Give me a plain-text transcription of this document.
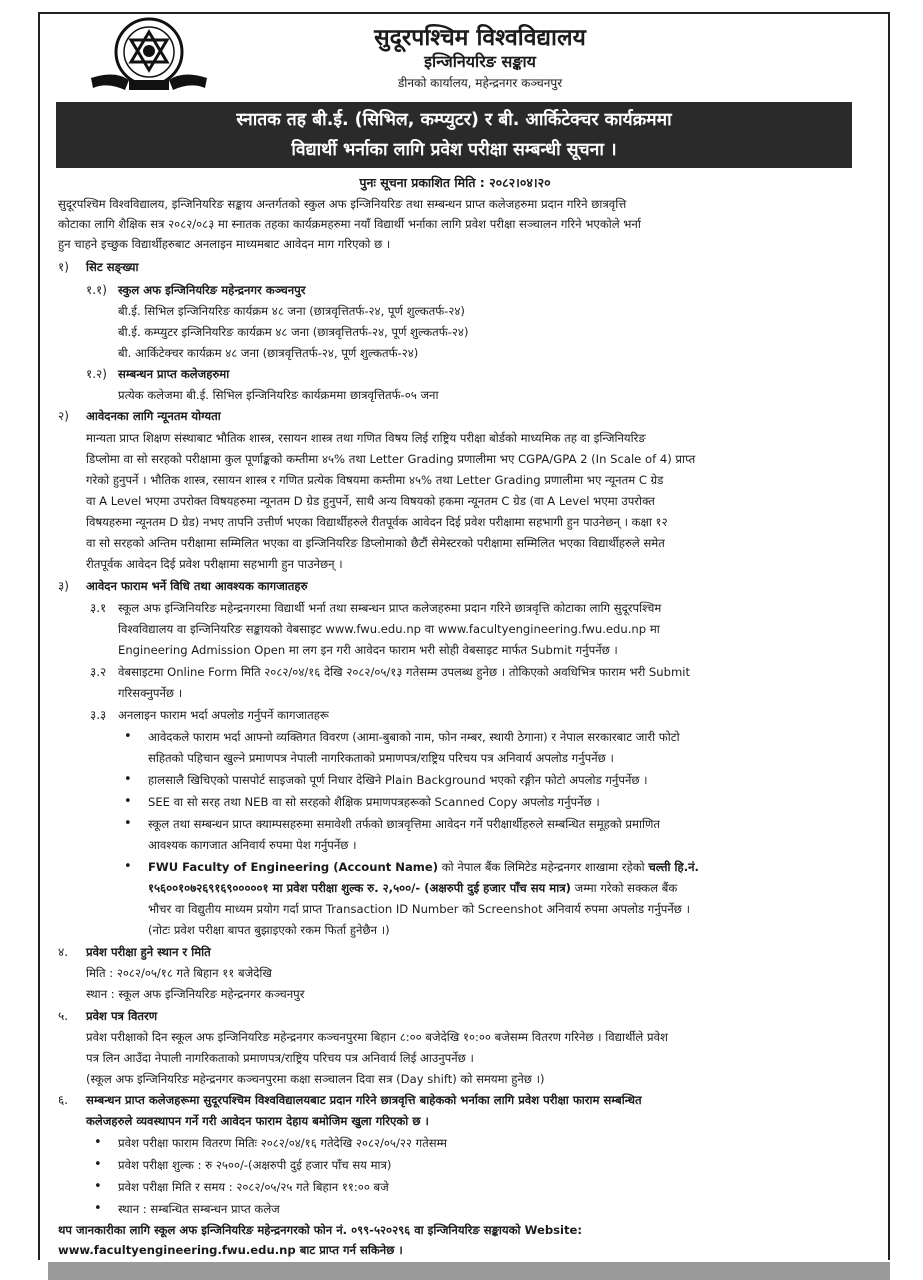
सुदूरपश्चिम विश्वविद्यालय
इन्जिनियरिङ सङ्काय
डीनको कार्यालय, महेन्द्रनगर कञ्चनपुर
स्नातक तह बी.ई. (सिभिल, कम्प्युटर) र बी. आर्किटेक्चर कार्यक्रममा
विद्यार्थी भर्नाका लागि प्रवेश परीक्षा सम्बन्धी सूचना ।
पुनः सूचना प्रकाशित मिति : २०८२।०४।२०
सुदूरपश्चिम विश्वविद्यालय, इन्जिनियरिङ सङ्काय अन्तर्गतको स्कुल अफ इन्जिनियरिङ तथा सम्बन्धन प्राप्त कलेजहरुमा प्रदान गरिने छात्रवृत्ति
कोटाका लागि शैक्षिक सत्र २०८२/०८३ मा स्नातक तहका कार्यक्रमहरुमा नयाँ विद्यार्थी भर्नाका लागि प्रवेश परीक्षा सञ्चालन गरिने भएकोले भर्ना
हुन चाहने इच्छुक विद्यार्थीहरुबाट अनलाइन माध्यमबाट आवेदन माग गरिएको छ ।
१) सिट सङ्ख्या
१.१) स्कुल अफ इन्जिनियरिङ महेन्द्रनगर कञ्चनपुर
बी.ई. सिभिल इन्जिनियरिङ कार्यक्रम ४८ जना (छात्रवृत्तितर्फ-२४, पूर्ण शुल्कतर्फ-२४)
बी.ई. कम्प्युटर इन्जिनियरिङ कार्यक्रम ४८ जना (छात्रवृत्तितर्फ-२४, पूर्ण शुल्कतर्फ-२४)
बी. आर्किटेक्चर कार्यक्रम ४८ जना (छात्रवृत्तितर्फ-२४, पूर्ण शुल्कतर्फ-२४)
१.२) सम्बन्धन प्राप्त कलेजहरुमा
प्रत्येक कलेजमा बी.ई. सिभिल इन्जिनियरिङ कार्यक्रममा छात्रवृत्तितर्फ-०५ जना
२) आवेदनका लागि न्यूनतम योग्यता
मान्यता प्राप्त शिक्षण संस्थाबाट भौतिक शास्त्र, रसायन शास्त्र तथा गणित विषय लिई राष्ट्रिय परीक्षा बोर्डको माध्यमिक तह वा इन्जिनियरिङ
डिप्लोमा वा सो सरहको परीक्षामा कुल पूर्णाङ्कको कम्तीमा ४५% तथा Letter Grading प्रणालीमा भए CGPA/GPA 2 (In Scale of 4) प्राप्त
गरेको हुनुपर्ने । भौतिक शास्त्र, रसायन शास्त्र र गणित प्रत्येक विषयमा कम्तीमा ४५% तथा Letter Grading प्रणालीमा भए न्यूनतम C ग्रेड
वा A Level भएमा उपरोक्त विषयहरुमा न्यूनतम D ग्रेड हुनुपर्ने, साथै अन्य विषयको हकमा न्यूनतम C ग्रेड (वा A Level भएमा उपरोक्त
विषयहरुमा न्यूनतम D ग्रेड) नभए तापनि उत्तीर्ण भएका विद्यार्थीहरुले रीतपूर्वक आवेदन दिई प्रवेश परीक्षामा सहभागी हुन पाउनेछन् । कक्षा १२
वा सो सरहको अन्तिम परीक्षामा सम्मिलित भएका वा इन्जिनियरिङ डिप्लोमाको छैटौं सेमेस्टरको परीक्षामा सम्मिलित भएका विद्यार्थीहरुले समेत
रीतपूर्वक आवेदन दिई प्रवेश परीक्षामा सहभागी हुन पाउनेछन् ।
३) आवेदन फाराम भर्ने विधि तथा आवश्यक कागजातहरु
३.१ स्कूल अफ इन्जिनियरिङ महेन्द्रनगरमा विद्यार्थी भर्ना तथा सम्बन्धन प्राप्त कलेजहरुमा प्रदान गरिने छात्रवृत्ति कोटाका लागि सुदूरपश्चिम
विश्वविद्यालय वा इन्जिनियरिङ सङ्कायको वेबसाइट www.fwu.edu.np वा www.facultyengineering.fwu.edu.np मा
Engineering Admission Open मा लग इन गरी आवेदन फाराम भरी सोही वेबसाइट मार्फत Submit गर्नुपर्नेछ ।
३.२ वेबसाइटमा Online Form मिति २०८२/०४/१६ देखि २०८२/०५/१३ गतेसम्म उपलब्ध हुनेछ । तोकिएको अवधिभित्र फाराम भरी Submit
गरिसक्नुपर्नेछ ।
३.३ अनलाइन फाराम भर्दा अपलोड गर्नुपर्ने कागजातहरू
• आवेदकले फाराम भर्दा आफ्नो व्यक्तिगत विवरण (आमा-बुबाको नाम, फोन नम्बर, स्थायी ठेगाना) र नेपाल सरकारबाट जारी फोटो
सहितको पहिचान खुल्ने प्रमाणपत्र नेपाली नागरिकताको प्रमाणपत्र/राष्ट्रिय परिचय पत्र अनिवार्य अपलोड गर्नुपर्नेछ ।
• हालसालै खिचिएको पासपोर्ट साइजको पूर्ण निधार देखिने Plain Background भएको रङ्गीन फोटो अपलोड गर्नुपर्नेछ ।
• SEE वा सो सरह तथा NEB वा सो सरहको शैक्षिक प्रमाणपत्रहरूको Scanned Copy अपलोड गर्नुपर्नेछ ।
• स्कूल तथा सम्बन्धन प्राप्त क्याम्पसहरुमा समावेशी तर्फको छात्रवृत्तिमा आवेदन गर्ने परीक्षार्थीहरुले सम्बन्धित समूहको प्रमाणित
आवश्यक कागजात अनिवार्य रुपमा पेश गर्नुपर्नेछ ।
• FWU Faculty of Engineering (Account Name) को नेपाल बैंक लिमिटेड महेन्द्रनगर शाखामा रहेको चल्ती हि.नं.
१५६००१०७२६९१६९०००००१ मा प्रवेश परीक्षा शुल्क रु. २,५००/- (अक्षरुपी दुई हजार पाँच सय मात्र) जम्मा गरेको सक्कल बैंक
भौचर वा विद्युतीय माध्यम प्रयोग गर्दा प्राप्त Transaction ID Number को Screenshot अनिवार्य रुपमा अपलोड गर्नुपर्नेछ ।
(नोटः प्रवेश परीक्षा बापत बुझाइएको रकम फिर्ता हुनेछैन ।)
४. प्रवेश परीक्षा हुने स्थान र मिति
मिति : २०८२/०५/१८ गते बिहान ११ बजेदेखि
स्थान : स्कूल अफ इन्जिनियरिङ महेन्द्रनगर कञ्चनपुर
५. प्रवेश पत्र वितरण
प्रवेश परीक्षाको दिन स्कूल अफ इन्जिनियरिङ महेन्द्रनगर कञ्चनपुरमा बिहान ८:०० बजेदेखि १०:०० बजेसम्म वितरण गरिनेछ । विद्यार्थीले प्रवेश
पत्र लिन आउँदा नेपाली नागरिकताको प्रमाणपत्र/राष्ट्रिय परिचय पत्र अनिवार्य लिई आउनुपर्नेछ ।
(स्कूल अफ इन्जिनियरिङ महेन्द्रनगर कञ्चनपुरमा कक्षा सञ्चालन दिवा सत्र (Day shift) को समयमा हुनेछ ।)
६. सम्बन्धन प्राप्त कलेजहरूमा सुदूरपश्चिम विश्वविद्यालयबाट प्रदान गरिने छात्रवृत्ति बाहेकको भर्नाका लागि प्रवेश परीक्षा फाराम सम्बन्धित
कलेजहरुले व्यवस्थापन गर्ने गरी आवेदन फाराम देहाय बमोजिम खुला गरिएको छ ।
• प्रवेश परीक्षा फाराम वितरण मितिः २०८२/०४/१६ गतेदेखि २०८२/०५/२२ गतेसम्म
• प्रवेश परीक्षा शुल्क : रु २५००/-(अक्षरुपी दुई हजार पाँच सय मात्र)
• प्रवेश परीक्षा मिति र समय : २०८२/०५/२५ गते बिहान ११:०० बजे
• स्थान : सम्बन्धित सम्बन्धन प्राप्त कलेज
थप जानकारीका लागि स्कूल अफ इन्जिनियरिङ महेन्द्रनगरको फोन नं. ०९९-५२०२९६ वा इन्जिनियरिङ सङ्कायको Website:
www.facultyengineering.fwu.edu.np बाट प्राप्त गर्न सकिनेछ ।
